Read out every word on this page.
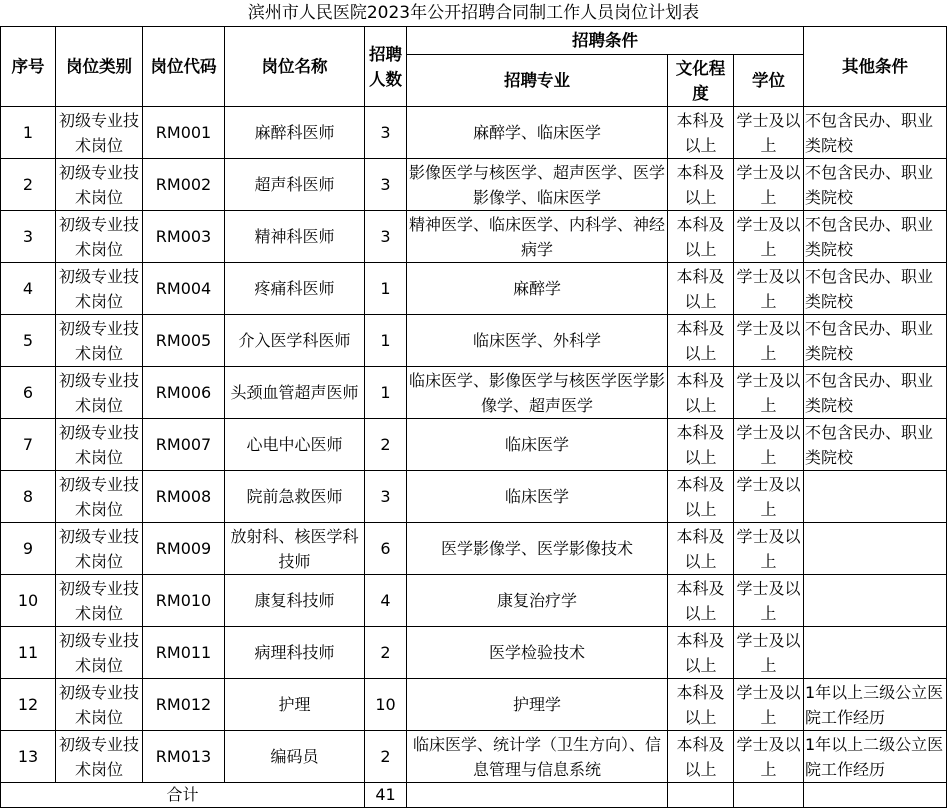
滨州市人民医院2023年公开招聘合同制工作人员岗位计划表
序号	岗位类别	岗位代码	岗位名称	招聘人数	招聘条件			其他条件
					招聘专业	文化程度	学位	
1	初级专业技术岗位	RM001	麻醉科医师	3	麻醉学、临床医学	本科及以上	学士及以上	不包含民办、职业类院校
2	初级专业技术岗位	RM002	超声科医师	3	影像医学与核医学、超声医学、医学影像学、临床医学	本科及以上	学士及以上	不包含民办、职业类院校
3	初级专业技术岗位	RM003	精神科医师	3	精神医学、临床医学、内科学、神经病学	本科及以上	学士及以上	不包含民办、职业类院校
4	初级专业技术岗位	RM004	疼痛科医师	1	麻醉学	本科及以上	学士及以上	不包含民办、职业类院校
5	初级专业技术岗位	RM005	介入医学科医师	1	临床医学、外科学	本科及以上	学士及以上	不包含民办、职业类院校
6	初级专业技术岗位	RM006	头颈血管超声医师	1	临床医学、影像医学与核医学医学影像学、超声医学	本科及以上	学士及以上	不包含民办、职业类院校
7	初级专业技术岗位	RM007	心电中心医师	2	临床医学	本科及以上	学士及以上	不包含民办、职业类院校
8	初级专业技术岗位	RM008	院前急救医师	3	临床医学	本科及以上	学士及以上	
9	初级专业技术岗位	RM009	放射科、核医学科技师	6	医学影像学、医学影像技术	本科及以上	学士及以上	
10	初级专业技术岗位	RM010	康复科技师	4	康复治疗学	本科及以上	学士及以上	
11	初级专业技术岗位	RM011	病理科技师	2	医学检验技术	本科及以上	学士及以上	
12	初级专业技术岗位	RM012	护理	10	护理学	本科及以上	学士及以上	1年以上三级公立医院工作经历
13	初级专业技术岗位	RM013	编码员	2	临床医学、统计学（卫生方向）、信息管理与信息系统	本科及以上	学士及以上	1年以上二级公立医院工作经历
合计				41				
